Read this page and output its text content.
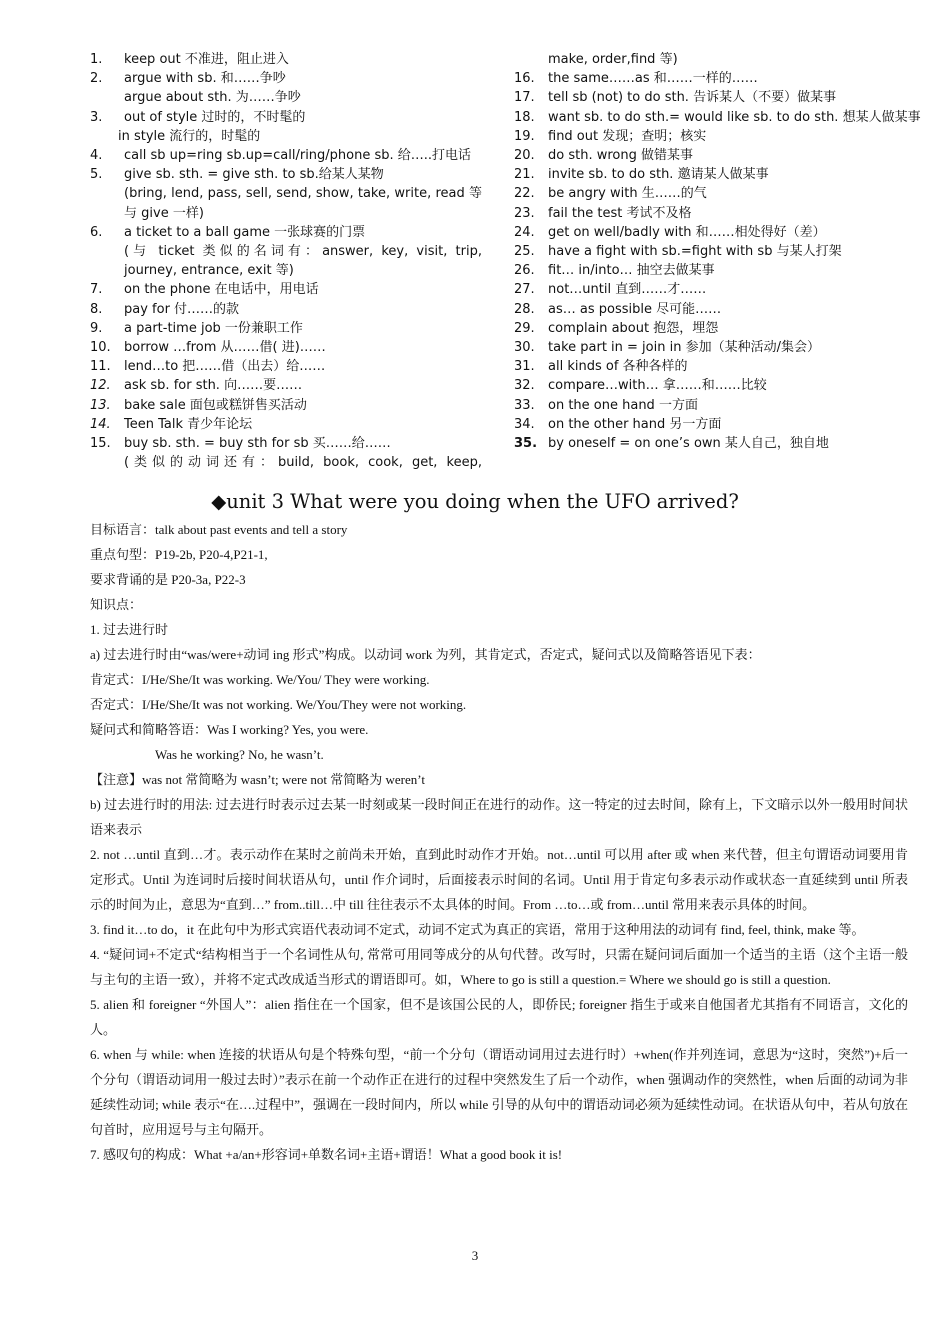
1.	keep out 不准进，阻止进入
2.	argue with sb. 和……争吵
argue about sth. 为……争吵
3.	out of style 过时的，不时髦的
in style 流行的，时髦的
4.	call sb up=ring sb.up=call/ring/phone sb. 给…..打电话
5.	give sb. sth. = give sth. to sb.给某人某物
(bring, lend, pass, sell, send, show, take, write, read 等与 give 一样)
6.	a ticket to a ball game 一张球赛的门票
(与 ticket 类似的名词有：answer, key, visit, trip, journey, entrance, exit 等)
7.	on the phone 在电话中，用电话
8.	pay for 付……的款
9.	a part-time job 一份兼职工作
10.	borrow …from 从……借( 进)……
11.	lend…to 把……借（出去）给……
12.	ask sb. for sth. 向……要……
13.	bake sale 面包或糕饼售买活动
14.	Teen Talk 青少年论坛
15.	buy sb. sth. = buy sth for sb 买……给……
(类似的动词还有：build, book, cook, get, keep,
make, order,find 等)
16.	the same……as 和……一样的……
17.	tell sb (not) to do sth. 告诉某人（不要）做某事
18.	want sb. to do sth.= would like sb. to do sth. 想某人做某事
19.	find out 发现；查明；核实
20.	do sth. wrong 做错某事
21.	invite sb. to do sth. 邀请某人做某事
22.	be angry with 生……的气
23.	fail the test 考试不及格
24.	get on well/badly with 和……相处得好（差）
25.	have a fight with sb.=fight with sb 与某人打架
26.	fit… in/into… 抽空去做某事
27.	not…until 直到……才……
28.	as… as possible 尽可能……
29.	complain about 抱怨，埋怨
30.	take part in = join in 参加（某种活动/集会）
31.	all kinds of 各种各样的
32.	compare…with… 拿……和……比较
33.	on the one hand 一方面
34.	on the other hand 另一方面
35. by oneself = on one’s own 某人自己，独自地
◆unit 3 What were you doing when the UFO arrived?

目标语言：talk about past events and tell a story

重点句型：P19-2b, P20-4,P21-1,

要求背诵的是 P20-3a, P22-3

知识点：

1. 过去进行时

a) 过去进行时由“was/were+动词 ing 形式”构成。以动词 work 为列，其肯定式，否定式，疑问式以及简略答语见下表：

肯定式：I/He/She/It was working. We/You/ They were working.

否定式：I/He/She/It was not working. We/You/They were not working.

疑问式和简略答语：Was I working? Yes, you were.

Was he working? No, he wasn’t.

【注意】was not 常简略为 wasn’t; were not 常简略为 weren’t

b) 过去进行时的用法: 过去进行时表示过去某一时刻或某一段时间正在进行的动作。这一特定的过去时间，除有上，下文暗示以外一般用时间状语来表示

2. not …until 直到…才。表示动作在某时之前尚未开始，直到此时动作才开始。not…until 可以用 after 或 when 来代替，但主句谓语动词要用肯定形式。Until 为连词时后接时间状语从句，until 作介词时，后面接表示时间的名词。Until 用于肯定句多表示动作或状态一直延续到 until 所表示的时间为止，意思为“直到…” from..till…中 till 往往表示不太具体的时间。From …to…或 from…until 常用来表示具体的时间。

3. find it…to do，it 在此句中为形式宾语代表动词不定式，动词不定式为真正的宾语，常用于这种用法的动词有 find, feel, think, make 等。

4. “疑问词+不定式“结构相当于一个名词性从句, 常常可用同等成分的从句代替。改写时，只需在疑问词后面加一个适当的主语（这个主语一般与主句的主语一致），并将不定式改成适当形式的谓语即可。如，Where to go is still a question.= Where we should go is still a question.

5. alien 和 foreigner “外国人”：alien 指住在一个国家，但不是该国公民的人，即侨民; foreigner 指生于或来自他国者尤其指有不同语言，文化的人。

6. when 与 while: when 连接的状语从句是个特殊句型，“前一个分句（谓语动词用过去进行时）+when(作并列连词，意思为“这时，突然”)+后一个分句（谓语动词用一般过去时）”表示在前一个动作正在进行的过程中突然发生了后一个动作，when 强调动作的突然性，when 后面的动词为非延续性动词; while 表示“在….过程中”，强调在一段时间内，所以 while 引导的从句中的谓语动词必须为延续性动词。在状语从句中，若从句放在句首时，应用逗号与主句隔开。

7. 感叹句的构成：What +a/an+形容词+单数名词+主语+谓语！What a good book it is!

3
